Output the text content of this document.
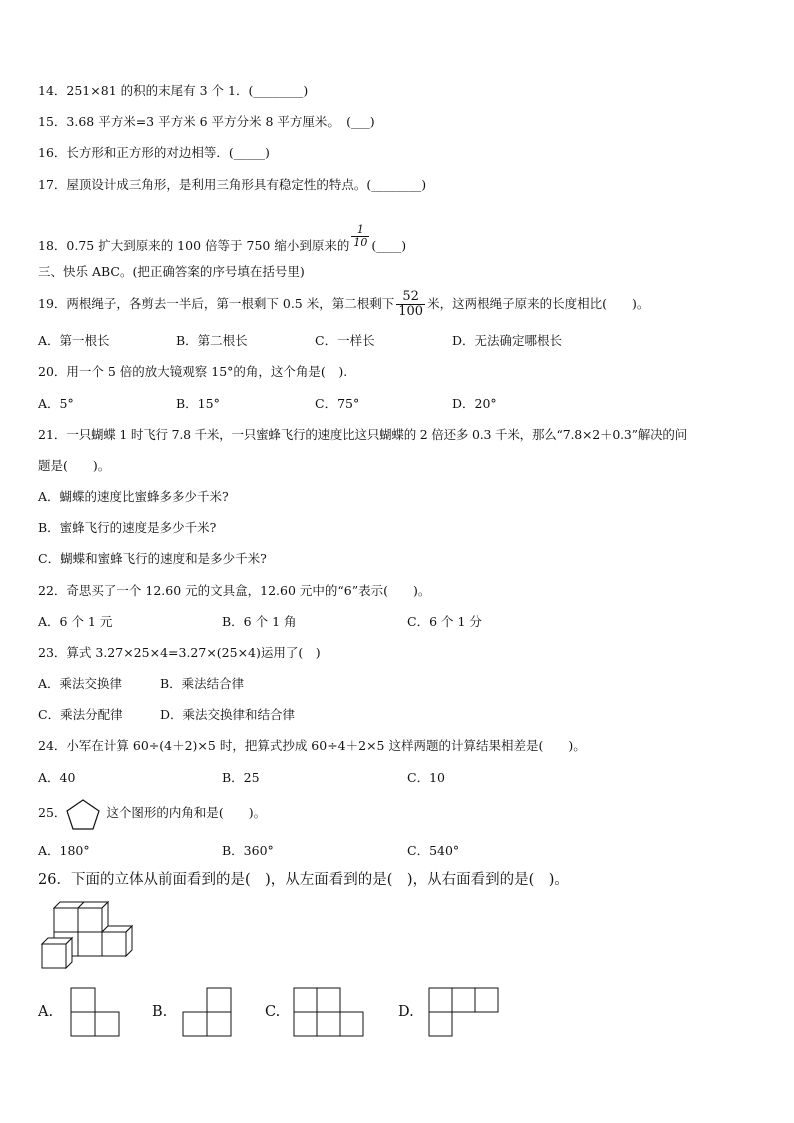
14．251×81 的积的末尾有 3 个 1．(________)
15．3.68 平方米=3 平方米 6 平方分米 8 平方厘米。　(___)
16．长方形和正方形的对边相等．(_____)
17．屋顶设计成三角形，是利用三角形具有稳定性的特点。(________)
18．0.75 扩大到原来的 100 倍等于 750 缩小到原来的 $\frac{1}{10}$ (____)
三、快乐 ABC。(把正确答案的序号填在括号里)
19．两根绳子，各剪去一半后，第一根剩下 0.5 米，第二根剩下 $\frac{52}{100}$ 米，这两根绳子原来的长度相比(　　)。
A．第一根长	B．第二根长	C．一样长	D．无法确定哪根长
20．用一个 5 倍的放大镜观察 15°的角，这个角是(　).
A．5°	B．15°	C．75°	D．20°
21．一只蝴蝶 1 时飞行 7.8 千米，一只蜜蜂飞行的速度比这只蝴蝶的 2 倍还多 0.3 千米，那么“7.8×2＋0.3”解决的问
题是(　　)。
A．蝴蝶的速度比蜜蜂多多少千米?
B．蜜蜂飞行的速度是多少千米?
C．蝴蝶和蜜蜂飞行的速度和是多少千米?
22．奇思买了一个 12.60 元的文具盒，12.60 元中的“6”表示(　　)。
A．6 个 1 元	B．6 个 1 角	C．6 个 1 分
23．算式 3.27×25×4=3.27×(25×4)运用了(　)
A．乘法交换律	B．乘法结合律
C．乘法分配律	D．乘法交换律和结合律
24．小军在计算 60÷(4＋2)×5 时，把算式抄成 60÷4＋2×5 这样两题的计算结果相差是(　　)。
A．40	B．25	C．10
25．	这个图形的内角和是(　　)。
A．180°	B．360°	C．540°
26．下面的立体从前面看到的是(　)，从左面看到的是(　)，从右面看到的是(　)。
A.	B.	C.	D.
